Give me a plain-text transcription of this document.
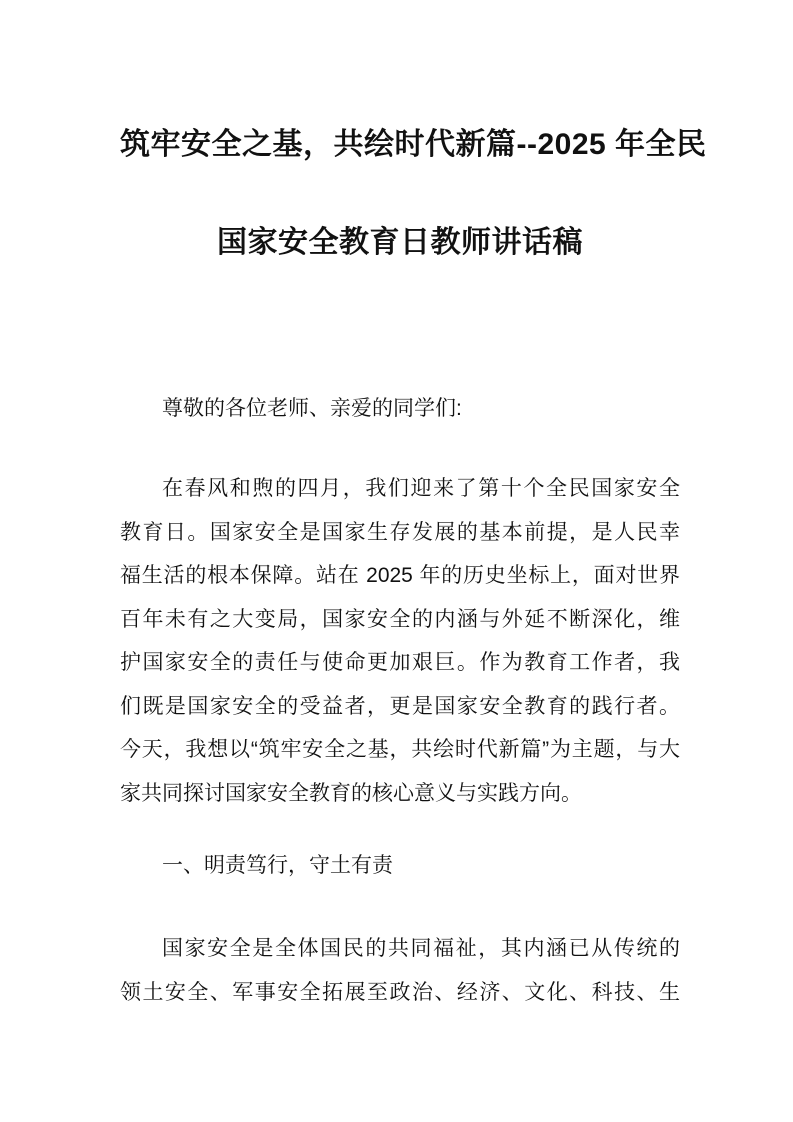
筑牢安全之基，共绘时代新篇--2025 年全民
国家安全教育日教师讲话稿
尊敬的各位老师、亲爱的同学们:
在春风和煦的四月，我们迎来了第十个全民国家安全
教育日。国家安全是国家生存发展的基本前提，是人民幸
福生活的根本保障。站在 2025 年的历史坐标上，面对世界
百年未有之大变局，国家安全的内涵与外延不断深化，维
护国家安全的责任与使命更加艰巨。作为教育工作者，我
们既是国家安全的受益者，更是国家安全教育的践行者。
今天，我想以“筑牢安全之基，共绘时代新篇”为主题，与大
家共同探讨国家安全教育的核心意义与实践方向。
一、明责笃行，守土有责
国家安全是全体国民的共同福祉，其内涵已从传统的
领土安全、军事安全拓展至政治、经济、文化、科技、生
